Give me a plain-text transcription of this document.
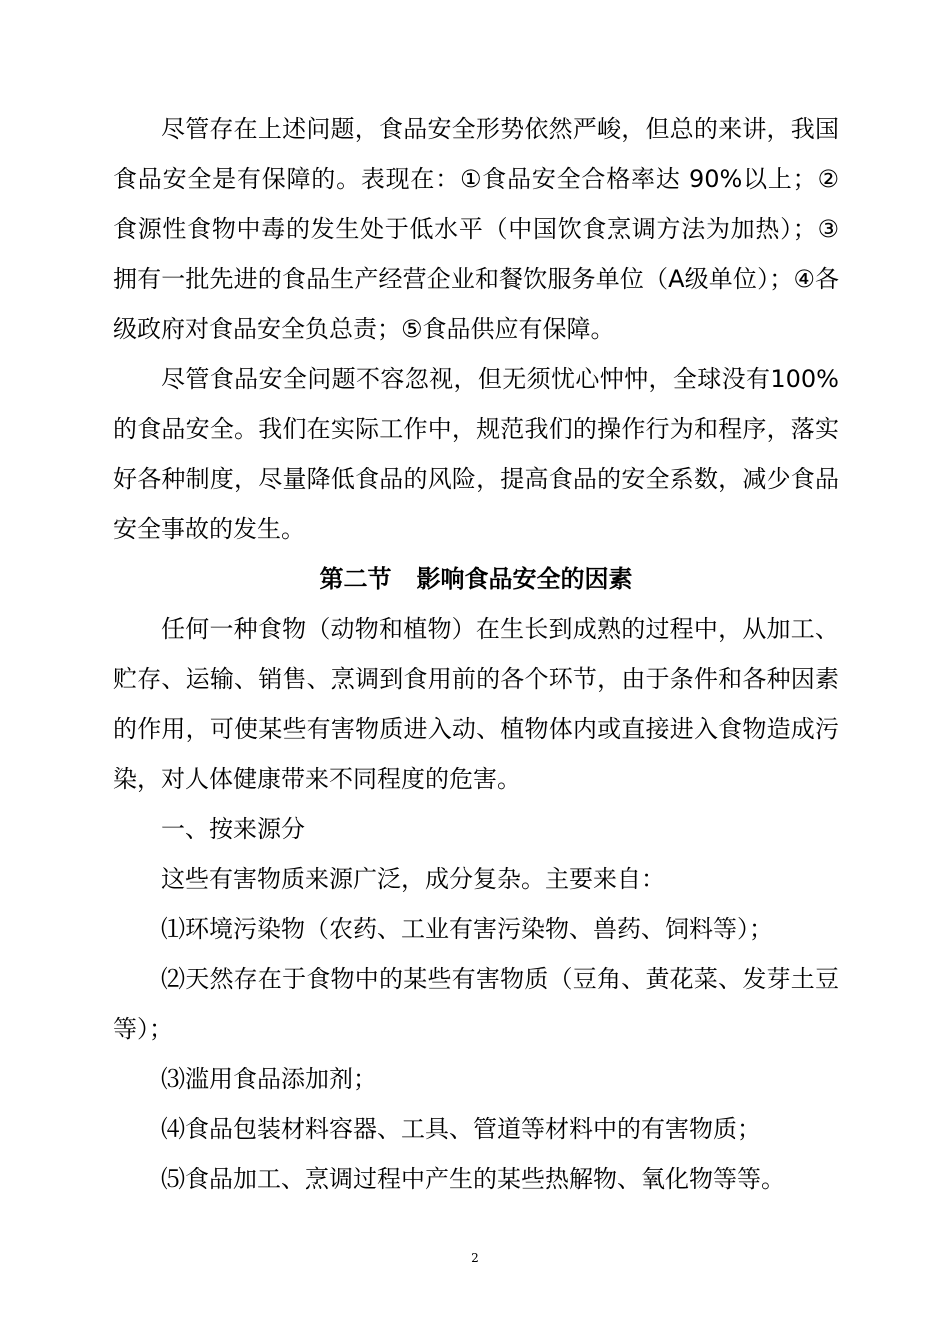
尽管存在上述问题，食品安全形势依然严峻，但总的来讲，我国食品安全是有保障的。表现在：①食品安全合格率达 90%以上；②食源性食物中毒的发生处于低水平（中国饮食烹调方法为加热）；③拥有一批先进的食品生产经营企业和餐饮服务单位（A级单位）；④各级政府对食品安全负总责；⑤食品供应有保障。

尽管食品安全问题不容忽视，但无须忧心忡忡，全球没有100%的食品安全。我们在实际工作中，规范我们的操作行为和程序，落实好各种制度，尽量降低食品的风险，提高食品的安全系数，减少食品安全事故的发生。

第二节   影响食品安全的因素

任何一种食物（动物和植物）在生长到成熟的过程中，从加工、贮存、运输、销售、烹调到食用前的各个环节，由于条件和各种因素的作用，可使某些有害物质进入动、植物体内或直接进入食物造成污染，对人体健康带来不同程度的危害。

一、按来源分

这些有害物质来源广泛，成分复杂。主要来自：

⑴环境污染物（农药、工业有害污染物、兽药、饲料等）；

⑵天然存在于食物中的某些有害物质（豆角、黄花菜、发芽土豆等）；

⑶滥用食品添加剂；

⑷食品包装材料容器、工具、管道等材料中的有害物质；

⑸食品加工、烹调过程中产生的某些热解物、氧化物等等。

2
